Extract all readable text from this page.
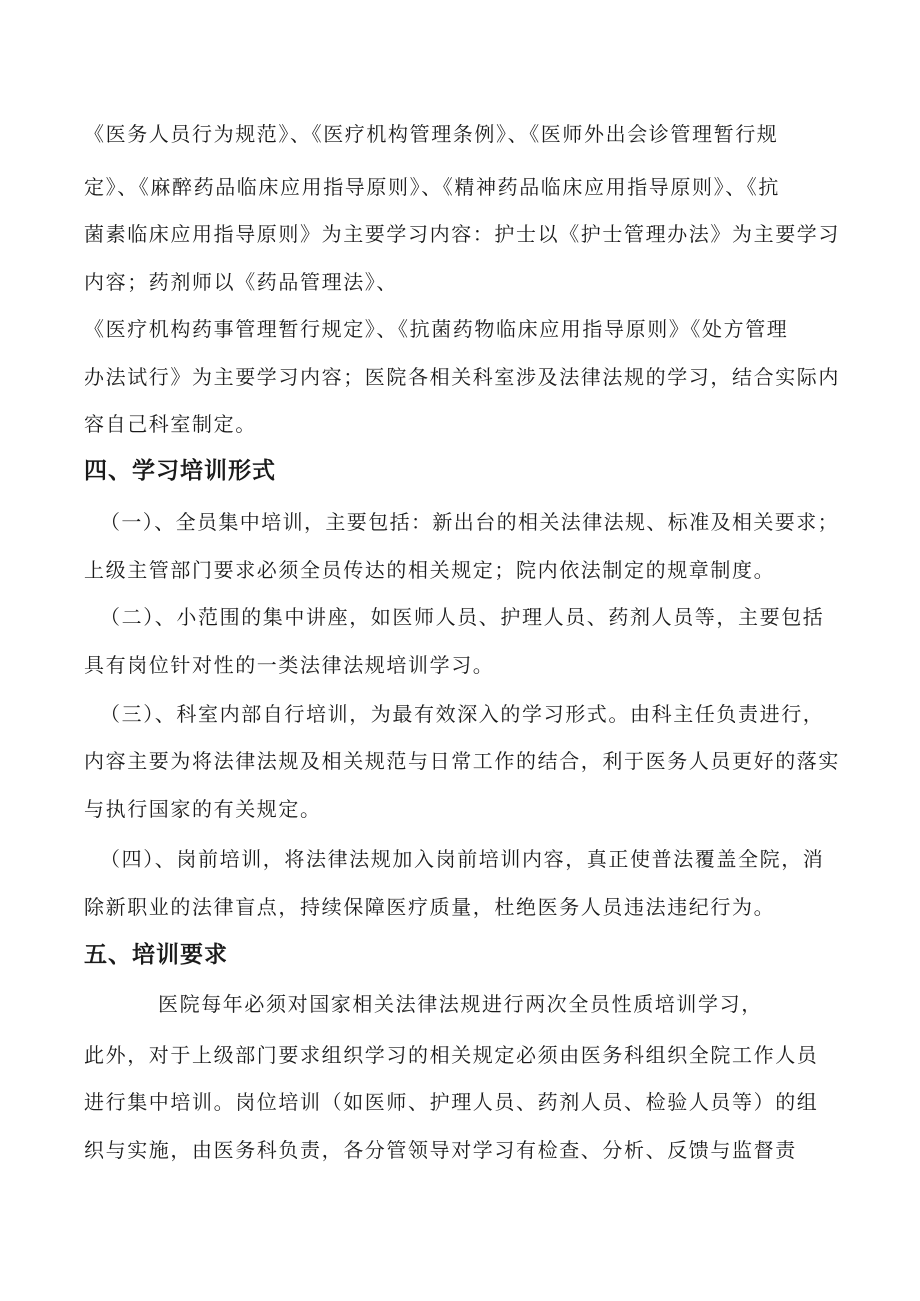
《医务人员行为规范》、《医疗机构管理条例》、《医师外出会诊管理暂行规
定》、《麻醉药品临床应用指导原则》、《精神药品临床应用指导原则》、《抗
菌素临床应用指导原则》为主要学习内容：护士以《护士管理办法》为主要学习
内容；药剂师以《药品管理法》、
《医疗机构药事管理暂行规定》、《抗菌药物临床应用指导原则》《处方管理
办法试行》为主要学习内容；医院各相关科室涉及法律法规的学习，结合实际内
容自己科室制定。
四、学习培训形式
（一）、全员集中培训，主要包括：新出台的相关法律法规、标准及相关要求；
上级主管部门要求必须全员传达的相关规定；院内依法制定的规章制度。
（二）、小范围的集中讲座，如医师人员、护理人员、药剂人员等，主要包括
具有岗位针对性的一类法律法规培训学习。
（三）、科室内部自行培训，为最有效深入的学习形式。由科主任负责进行，
内容主要为将法律法规及相关规范与日常工作的结合，利于医务人员更好的落实
与执行国家的有关规定。
（四）、岗前培训，将法律法规加入岗前培训内容，真正使普法覆盖全院，消
除新职业的法律盲点，持续保障医疗质量，杜绝医务人员违法违纪行为。
五、培训要求
医院每年必须对国家相关法律法规进行两次全员性质培训学习，
此外，对于上级部门要求组织学习的相关规定必须由医务科组织全院工作人员
进行集中培训。岗位培训（如医师、护理人员、药剂人员、检验人员等）的组
织与实施，由医务科负责，各分管领导对学习有检查、分析、反馈与监督责
